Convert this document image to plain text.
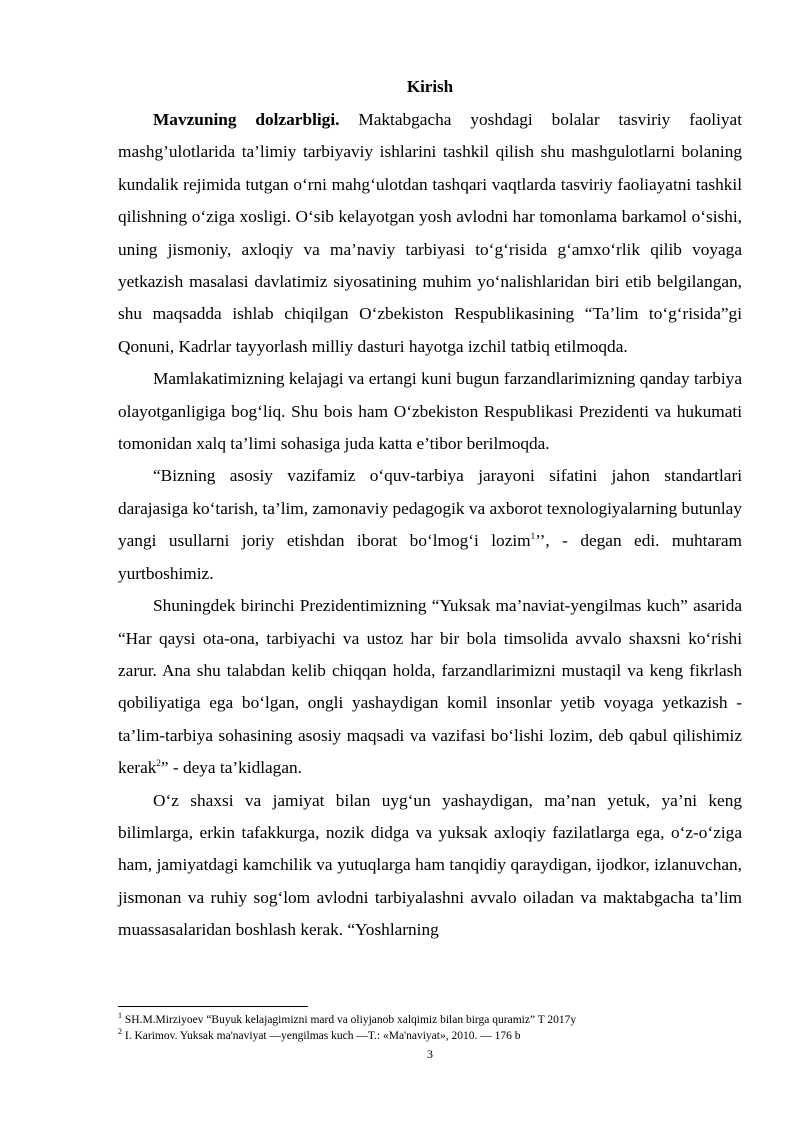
Kirish

Mavzuning dolzarbligi. Maktabgacha yoshdagi bolalar tasviriy faoliyat mashg’ulotlarida ta’limiy tarbiyaviy ishlarini tashkil qilish shu mashgulotlarni bolaning kundalik rejimida tutgan o‘rni mahg‘ulotdan tashqari vaqtlarda tasviriy faoliayatni tashkil qilishning o‘ziga xosligi. O‘sib kelayotgan yosh avlodni har tomonlama barkamol o‘sishi, uning jismoniy, axloqiy va ma’naviy tarbiyasi to‘g‘risida g‘amxo‘rlik qilib voyaga yetkazish masalasi davlatimiz siyosatining muhim yo‘nalishlaridan biri etib belgilangan, shu maqsadda ishlab chiqilgan O‘zbekiston Respublikasining “Ta’lim to‘g‘risida”gi Qonuni, Kadrlar tayyorlash milliy dasturi hayotga izchil tatbiq etilmoqda.

Mamlakatimizning kelajagi va ertangi kuni bugun farzandlarimizning qanday tarbiya olayotganligiga bog‘liq. Shu bois ham O‘zbekiston Respublikasi Prezidenti va hukumati tomonidan xalq ta’limi sohasiga juda katta e’tibor berilmoqda.

“Bizning asosiy vazifamiz o‘quv-tarbiya jarayoni sifatini jahon standartlari darajasiga ko‘tarish, ta’lim, zamonaviy pedagogik va axborot texnologiyalarning butunlay yangi usullarni joriy etishdan iborat bo‘lmog‘i lozim$^1$’’, - degan edi. muhtaram yurtboshimiz.

Shuningdek birinchi Prezidentimizning “Yuksak ma’naviat-yengilmas kuch” asarida “Har qaysi ota-ona, tarbiyachi va ustoz har bir bola timsolida avvalo shaxsni ko‘rishi zarur. Ana shu talabdan kelib chiqqan holda, farzandlarimizni mustaqil va keng fikrlash qobiliyatiga ega bo‘lgan, ongli yashaydigan komil insonlar yetib voyaga yetkazish - ta’lim-tarbiya sohasining asosiy maqsadi va vazifasi bo‘lishi lozim, deb qabul qilishimiz kerak$^2$” - deya ta’kidlagan.

O‘z shaxsi va jamiyat bilan uyg‘un yashaydigan, ma’nan yetuk, ya’ni keng bilimlarga, erkin tafakkurga, nozik didga va yuksak axloqiy fazilatlarga ega, o‘z-o‘ziga ham, jamiyatdagi kamchilik va yutuqlarga ham tanqidiy qaraydigan, ijodkor, izlanuvchan, jismonan va ruhiy sog‘lom avlodni tarbiyalashni avvalo oiladan va maktabgacha ta’lim muassasalaridan boshlash kerak. “Yoshlarning

$^1$ SH.M.Mirziyoev “Buyuk kelajagimizni mard va oliyjanob xalqimiz bilan birga quramiz” T 2017y
$^2$ I. Karimov. Yuksak ma'naviyat —yengilmas kuch —T.: «Ma'naviyat», 2010. — 176 b
3
